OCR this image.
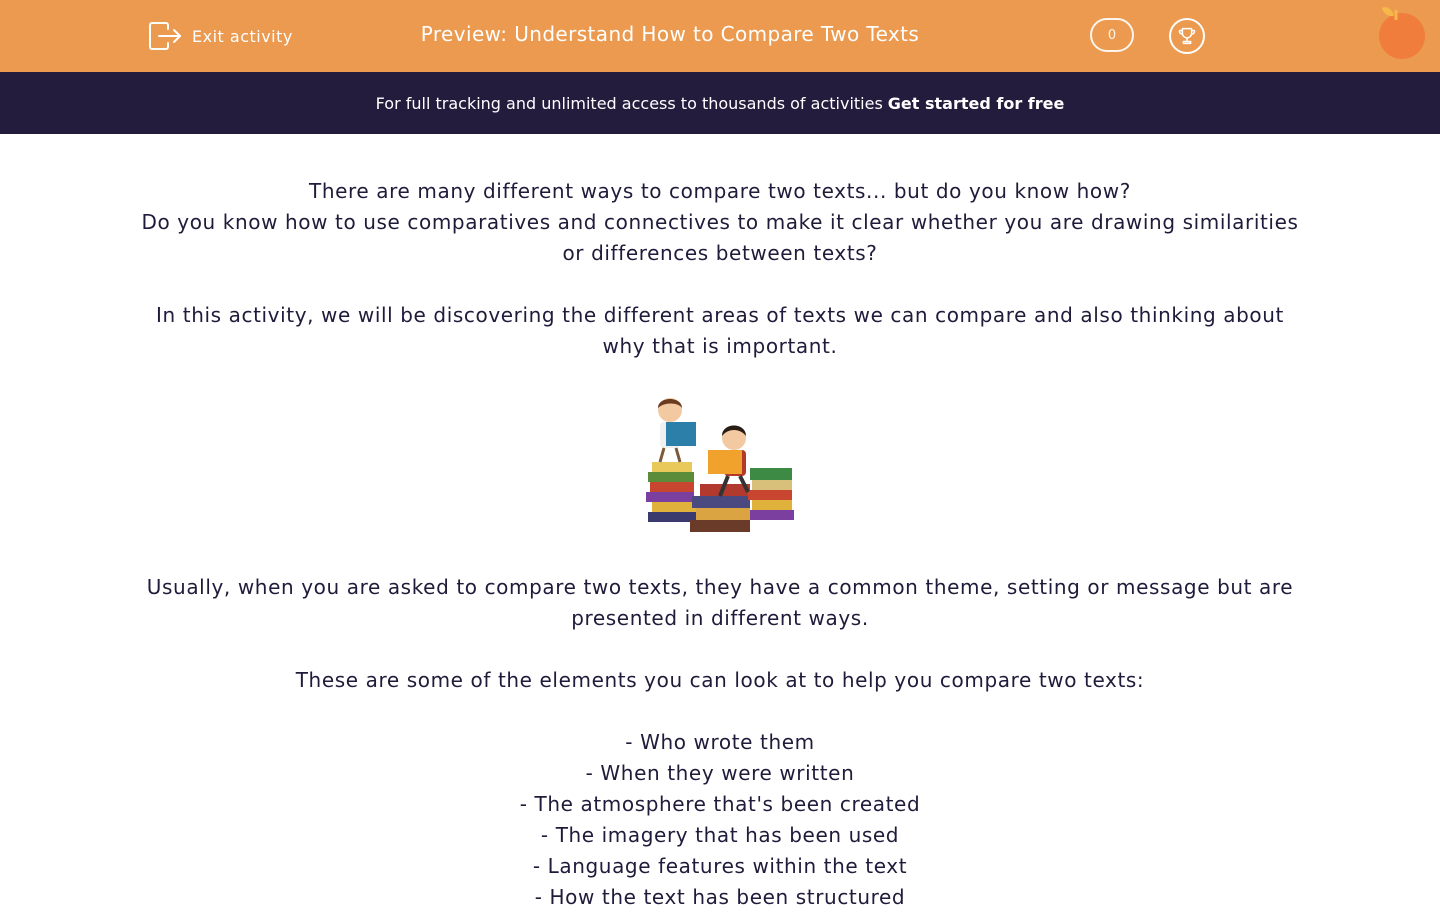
Exit activity	Preview: Understand How to Compare Two Texts	0
For full tracking and unlimited access to thousands of activities Get started for free

There are many different ways to compare two texts... but do you know how?

Do you know how to use comparatives and connectives to make it clear whether you are drawing similarities or differences between texts?

In this activity, we will be discovering the different areas of texts we can compare and also thinking about why that is important.

Usually, when you are asked to compare two texts, they have a common theme, setting or message but are presented in different ways.

These are some of the elements you can look at to help you compare two texts:

- Who wrote them

- When they were written

- The atmosphere that's been created

- The imagery that has been used

- Language features within the text

- How the text has been structured
